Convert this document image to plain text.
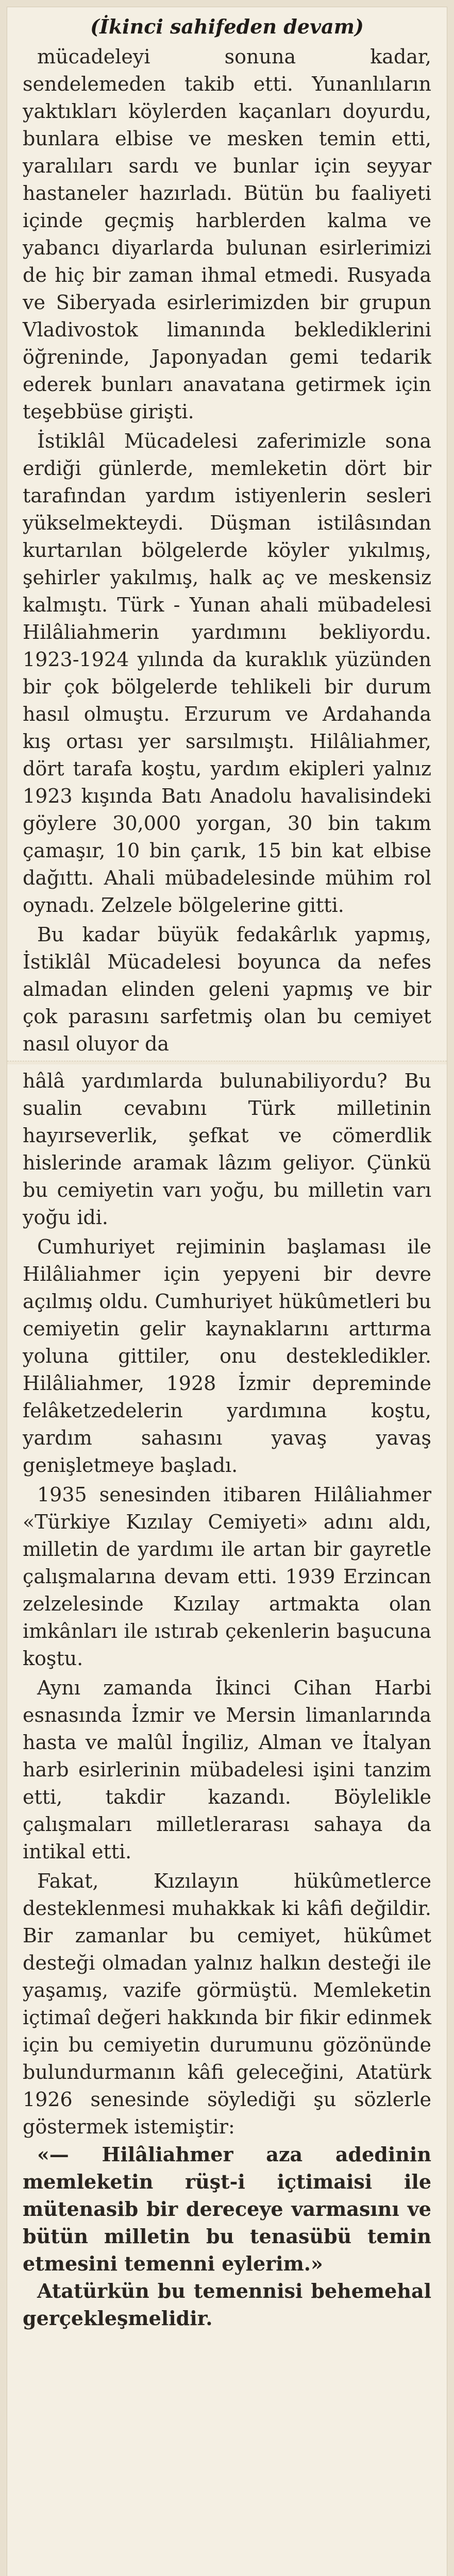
(İkinci sahifeden devam)

mücadeleyi sonuna kadar, sendelemeden takib etti. Yunanlıların yaktıkları köylerden kaçanları doyurdu, bunlara elbise ve mesken temin etti, yaralıları sardı ve bunlar için seyyar hastaneler hazırladı. Bütün bu faaliyeti içinde geçmiş harblerden kalma ve yabancı diyarlarda bulunan esirlerimizi de hiç bir zaman ihmal etmedi. Rusyada ve Siberyada esirlerimizden bir grupun Vladivostok limanında beklediklerini öğreninde, Japonyadan gemi tedarik ederek bunları anavatana getirmek için teşebbüse girişti.

İstiklâl Mücadelesi zaferimizle sona erdiği günlerde, memleketin dört bir tarafından yardım istiyenlerin sesleri yükselmekteydi. Düşman istilâsından kurtarılan bölgelerde köyler yıkılmış, şehirler yakılmış, halk aç ve meskensiz kalmıştı. Türk - Yunan ahali mübadelesi Hilâliahmerin yardımını bekliyordu. 1923-1924 yılında da kuraklık yüzünden bir çok bölgelerde tehlikeli bir durum hasıl olmuştu. Erzurum ve Ardahanda kış ortası yer sarsılmıştı. Hilâliahmer, dört tarafa koştu, yardım ekipleri yalnız 1923 kışında Batı Anadolu havalisindeki göylere 30,000 yorgan, 30 bin takım çamaşır, 10 bin çarık, 15 bin kat elbise dağıttı. Ahali mübadelesinde mühim rol oynadı. Zelzele bölgelerine gitti.

Bu kadar büyük fedakârlık yapmış, İstiklâl Mücadelesi boyunca da nefes almadan elinden geleni yapmış ve bir çok parasını sarfetmiş olan bu cemiyet nasıl oluyor da

hâlâ yardımlarda bulunabiliyordu? Bu sualin cevabını Türk milletinin hayırseverlik, şefkat ve cömerdlik hislerinde aramak lâzım geliyor. Çünkü bu cemiyetin varı yoğu, bu milletin varı yoğu idi.

Cumhuriyet rejiminin başlaması ile Hilâliahmer için yepyeni bir devre açılmış oldu. Cumhuriyet hükûmetleri bu cemiyetin gelir kaynaklarını arttırma yoluna gittiler, onu destekledikler. Hilâliahmer, 1928 İzmir depreminde felâketzedelerin yardımına koştu, yardım sahasını yavaş yavaş genişletmeye başladı.

1935 senesinden itibaren Hilâliahmer «Türkiye Kızılay Cemiyeti» adını aldı, milletin de yardımı ile artan bir gayretle çalışmalarına devam etti. 1939 Erzincan zelzelesinde Kızılay artmakta olan imkânları ile ıstırab çekenlerin başucuna koştu.

Aynı zamanda İkinci Cihan Harbi esnasında İzmir ve Mersin limanlarında hasta ve malûl İngiliz, Alman ve İtalyan harb esirlerinin mübadelesi işini tanzim etti, takdir kazandı. Böylelikle çalışmaları milletlerarası sahaya da intikal etti.

Fakat, Kızılayın hükûmetlerce desteklenmesi muhakkak ki kâfi değildir. Bir zamanlar bu cemiyet, hükûmet desteği olmadan yalnız halkın desteği ile yaşamış, vazife görmüştü. Memleketin içtimaî değeri hakkında bir fikir edinmek için bu cemiyetin durumunu gözönünde bulundurmanın kâfi geleceğini, Atatürk 1926 senesinde söylediği şu sözlerle göstermek istemiştir:

«— Hilâliahmer aza adedinin memleketin rüşt-i içtimaisi ile mütenasib bir dereceye varmasını ve bütün milletin bu tenasübü temin etmesini temenni eylerim.»

Atatürkün bu temennisi behemehal gerçekleşmelidir.
